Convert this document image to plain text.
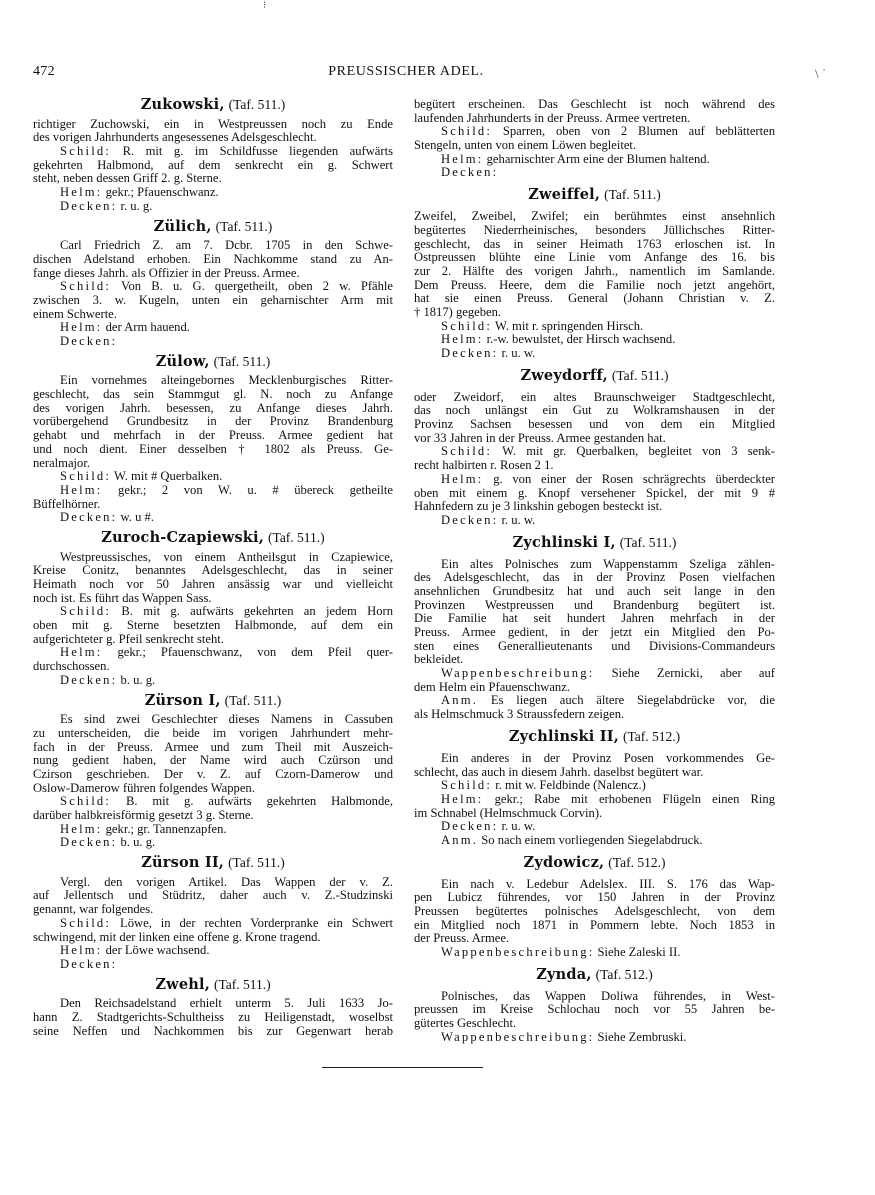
472	PREUSSISCHER ADEL.
Zukowski, (Taf. 511.)
richtiger Zuchowski, ein in Westpreussen noch zu Ende
des vorigen Jahrhunderts angesessenes Adelsgeschlecht.
Schild: R. mit g. im Schildfusse liegenden aufwärts
gekehrten Halbmond, auf dem senkrecht ein g. Schwert
steht, neben dessen Griff 2. g. Sterne.
Helm: gekr.; Pfauenschwanz.
Decken: r. u. g.
Zülich, (Taf. 511.)
Carl Friedrich Z. am 7. Dcbr. 1705 in den Schwe-
dischen Adelstand erhoben. Ein Nachkomme stand zu An-
fange dieses Jahrh. als Offizier in der Preuss. Armee.
Schild: Von B. u. G. quergetheilt, oben 2 w. Pfähle
zwischen 3. w. Kugeln, unten ein geharnischter Arm mit
einem Schwerte.
Helm: der Arm hauend.
Decken:
Zülow, (Taf. 511.)
Ein vornehmes alteingebornes Mecklenburgisches Ritter-
geschlecht, das sein Stammgut gl. N. noch zu Anfange
des vorigen Jahrh. besessen, zu Anfange dieses Jahrh.
vorübergehend Grundbesitz in der Provinz Brandenburg
gehabt und mehrfach in der Preuss. Armee gedient hat
und noch dient. Einer desselben † 1802 als Preuss. Ge-
neralmajor.
Schild: W. mit # Querbalken.
Helm: gekr.; 2 von W. u. # übereck getheilte
Büffelhörner.
Decken: w. u #.
Zuroch-Czapiewski, (Taf. 511.)
Westpreussisches, von einem Antheilsgut in Czapiewice,
Kreise Conitz, benanntes Adelsgeschlecht, das in seiner
Heimath noch vor 50 Jahren ansässig war und vielleicht
noch ist. Es führt das Wappen Sass.
Schild: B. mit g. aufwärts gekehrten an jedem Horn
oben mit g. Sterne besetzten Halbmonde, auf dem ein
aufgerichteter g. Pfeil senkrecht steht.
Helm: gekr.; Pfauenschwanz, von dem Pfeil quer-
durchschossen.
Decken: b. u. g.
Zürson I, (Taf. 511.)
Es sind zwei Geschlechter dieses Namens in Cassuben
zu unterscheiden, die beide im vorigen Jahrhundert mehr-
fach in der Preuss. Armee und zum Theil mit Auszeich-
nung gedient haben, der Name wird auch Czürson und
Czirson geschrieben. Der v. Z. auf Czorn-Damerow und
Oslow-Damerow führen folgendes Wappen.
Schild: B. mit g. aufwärts gekehrten Halbmonde,
darüber halbkreisförmig gesetzt 3 g. Sterne.
Helm: gekr.; gr. Tannenzapfen.
Decken: b. u. g.
Zürson II, (Taf. 511.)
Vergl. den vorigen Artikel. Das Wappen der v. Z.
auf Jellentsch und Stüdritz, daher auch v. Z.-Studzinski
genannt, war folgendes.
Schild: Löwe, in der rechten Vorderpranke ein Schwert
schwingend, mit der linken eine offene g. Krone tragend.
Helm: der Löwe wachsend.
Decken:
Zwehl, (Taf. 511.)
Den Reichsadelstand erhielt unterm 5. Juli 1633 Jo-
hann Z. Stadtgerichts-Schultheiss zu Heiligenstadt, woselbst
seine Neffen und Nachkommen bis zur Gegenwart herab
begütert erscheinen. Das Geschlecht ist noch während des
laufenden Jahrhunderts in der Preuss. Armee vertreten.
Schild: Sparren, oben von 2 Blumen auf beblätterten
Stengeln, unten von einem Löwen begleitet.
Helm: geharnischter Arm eine der Blumen haltend.
Decken:
Zweiffel, (Taf. 511.)
Zweifel, Zweibel, Zwifel; ein berühmtes einst ansehnlich
begütertes Niederrheinisches, besonders Jüllichsches Ritter-
geschlecht, das in seiner Heimath 1763 erloschen ist. In
Ostpreussen blühte eine Linie vom Anfange des 16. bis
zur 2. Hälfte des vorigen Jahrh., namentlich im Samlande.
Dem Preuss. Heere, dem die Familie noch jetzt angehört,
hat sie einen Preuss. General (Johann Christian v. Z.
† 1817) gegeben.
Schild: W. mit r. springenden Hirsch.
Helm: r.-w. bewulstet, der Hirsch wachsend.
Decken: r. u. w.
Zweydorff, (Taf. 511.)
oder Zweidorf, ein altes Braunschweiger Stadtgeschlecht,
das noch unlängst ein Gut zu Wolkramshausen in der
Provinz Sachsen besessen und von dem ein Mitglied
vor 33 Jahren in der Preuss. Armee gestanden hat.
Schild: W. mit gr. Querbalken, begleitet von 3 senk-
recht halbirten r. Rosen 2 1.
Helm: g. von einer der Rosen schrägrechts überdeckter
oben mit einem g. Knopf versehener Spickel, der mit 9 #
Hahnfedern zu je 3 linkshin gebogen besteckt ist.
Decken: r. u. w.
Zychlinski I, (Taf. 511.)
Ein altes Polnisches zum Wappenstamm Szeliga zählen-
des Adelsgeschlecht, das in der Provinz Posen vielfachen
ansehnlichen Grundbesitz hat und auch seit lange in den
Provinzen Westpreussen und Brandenburg begütert ist.
Die Familie hat seit hundert Jahren mehrfach in der
Preuss. Armee gedient, in der jetzt ein Mitglied den Po-
sten eines Generallieutenants und Divisions-Commandeurs
bekleidet.
Wappenbeschreibung: Siehe Zernicki, aber auf
dem Helm ein Pfauenschwanz.
Anm. Es liegen auch ältere Siegelabdrücke vor, die
als Helmschmuck 3 Straussfedern zeigen.
Zychlinski II, (Taf. 512.)
Ein anderes in der Provinz Posen vorkommendes Ge-
schlecht, das auch in diesem Jahrh. daselbst begütert war.
Schild: r. mit w. Feldbinde (Nalencz.)
Helm: gekr.; Rabe mit erhobenen Flügeln einen Ring
im Schnabel (Helmschmuck Corvin).
Decken: r. u. w.
Anm. So nach einem vorliegenden Siegelabdruck.
Zydowicz, (Taf. 512.)
Ein nach v. Ledebur Adelslex. III. S. 176 das Wap-
pen Lubicz führendes, vor 150 Jahren in der Provinz
Preussen begütertes polnisches Adelsgeschlecht, von dem
ein Mitglied noch 1871 in Pommern lebte. Noch 1853 in
der Preuss. Armee.
Wappenbeschreibung: Siehe Zaleski II.
Zynda, (Taf. 512.)
Polnisches, das Wappen Doliwa führendes, in West-
preussen im Kreise Schlochau noch vor 55 Jahren be-
gütertes Geschlecht.
Wappenbeschreibung: Siehe Zembruski.
⁝
\ ˈ
